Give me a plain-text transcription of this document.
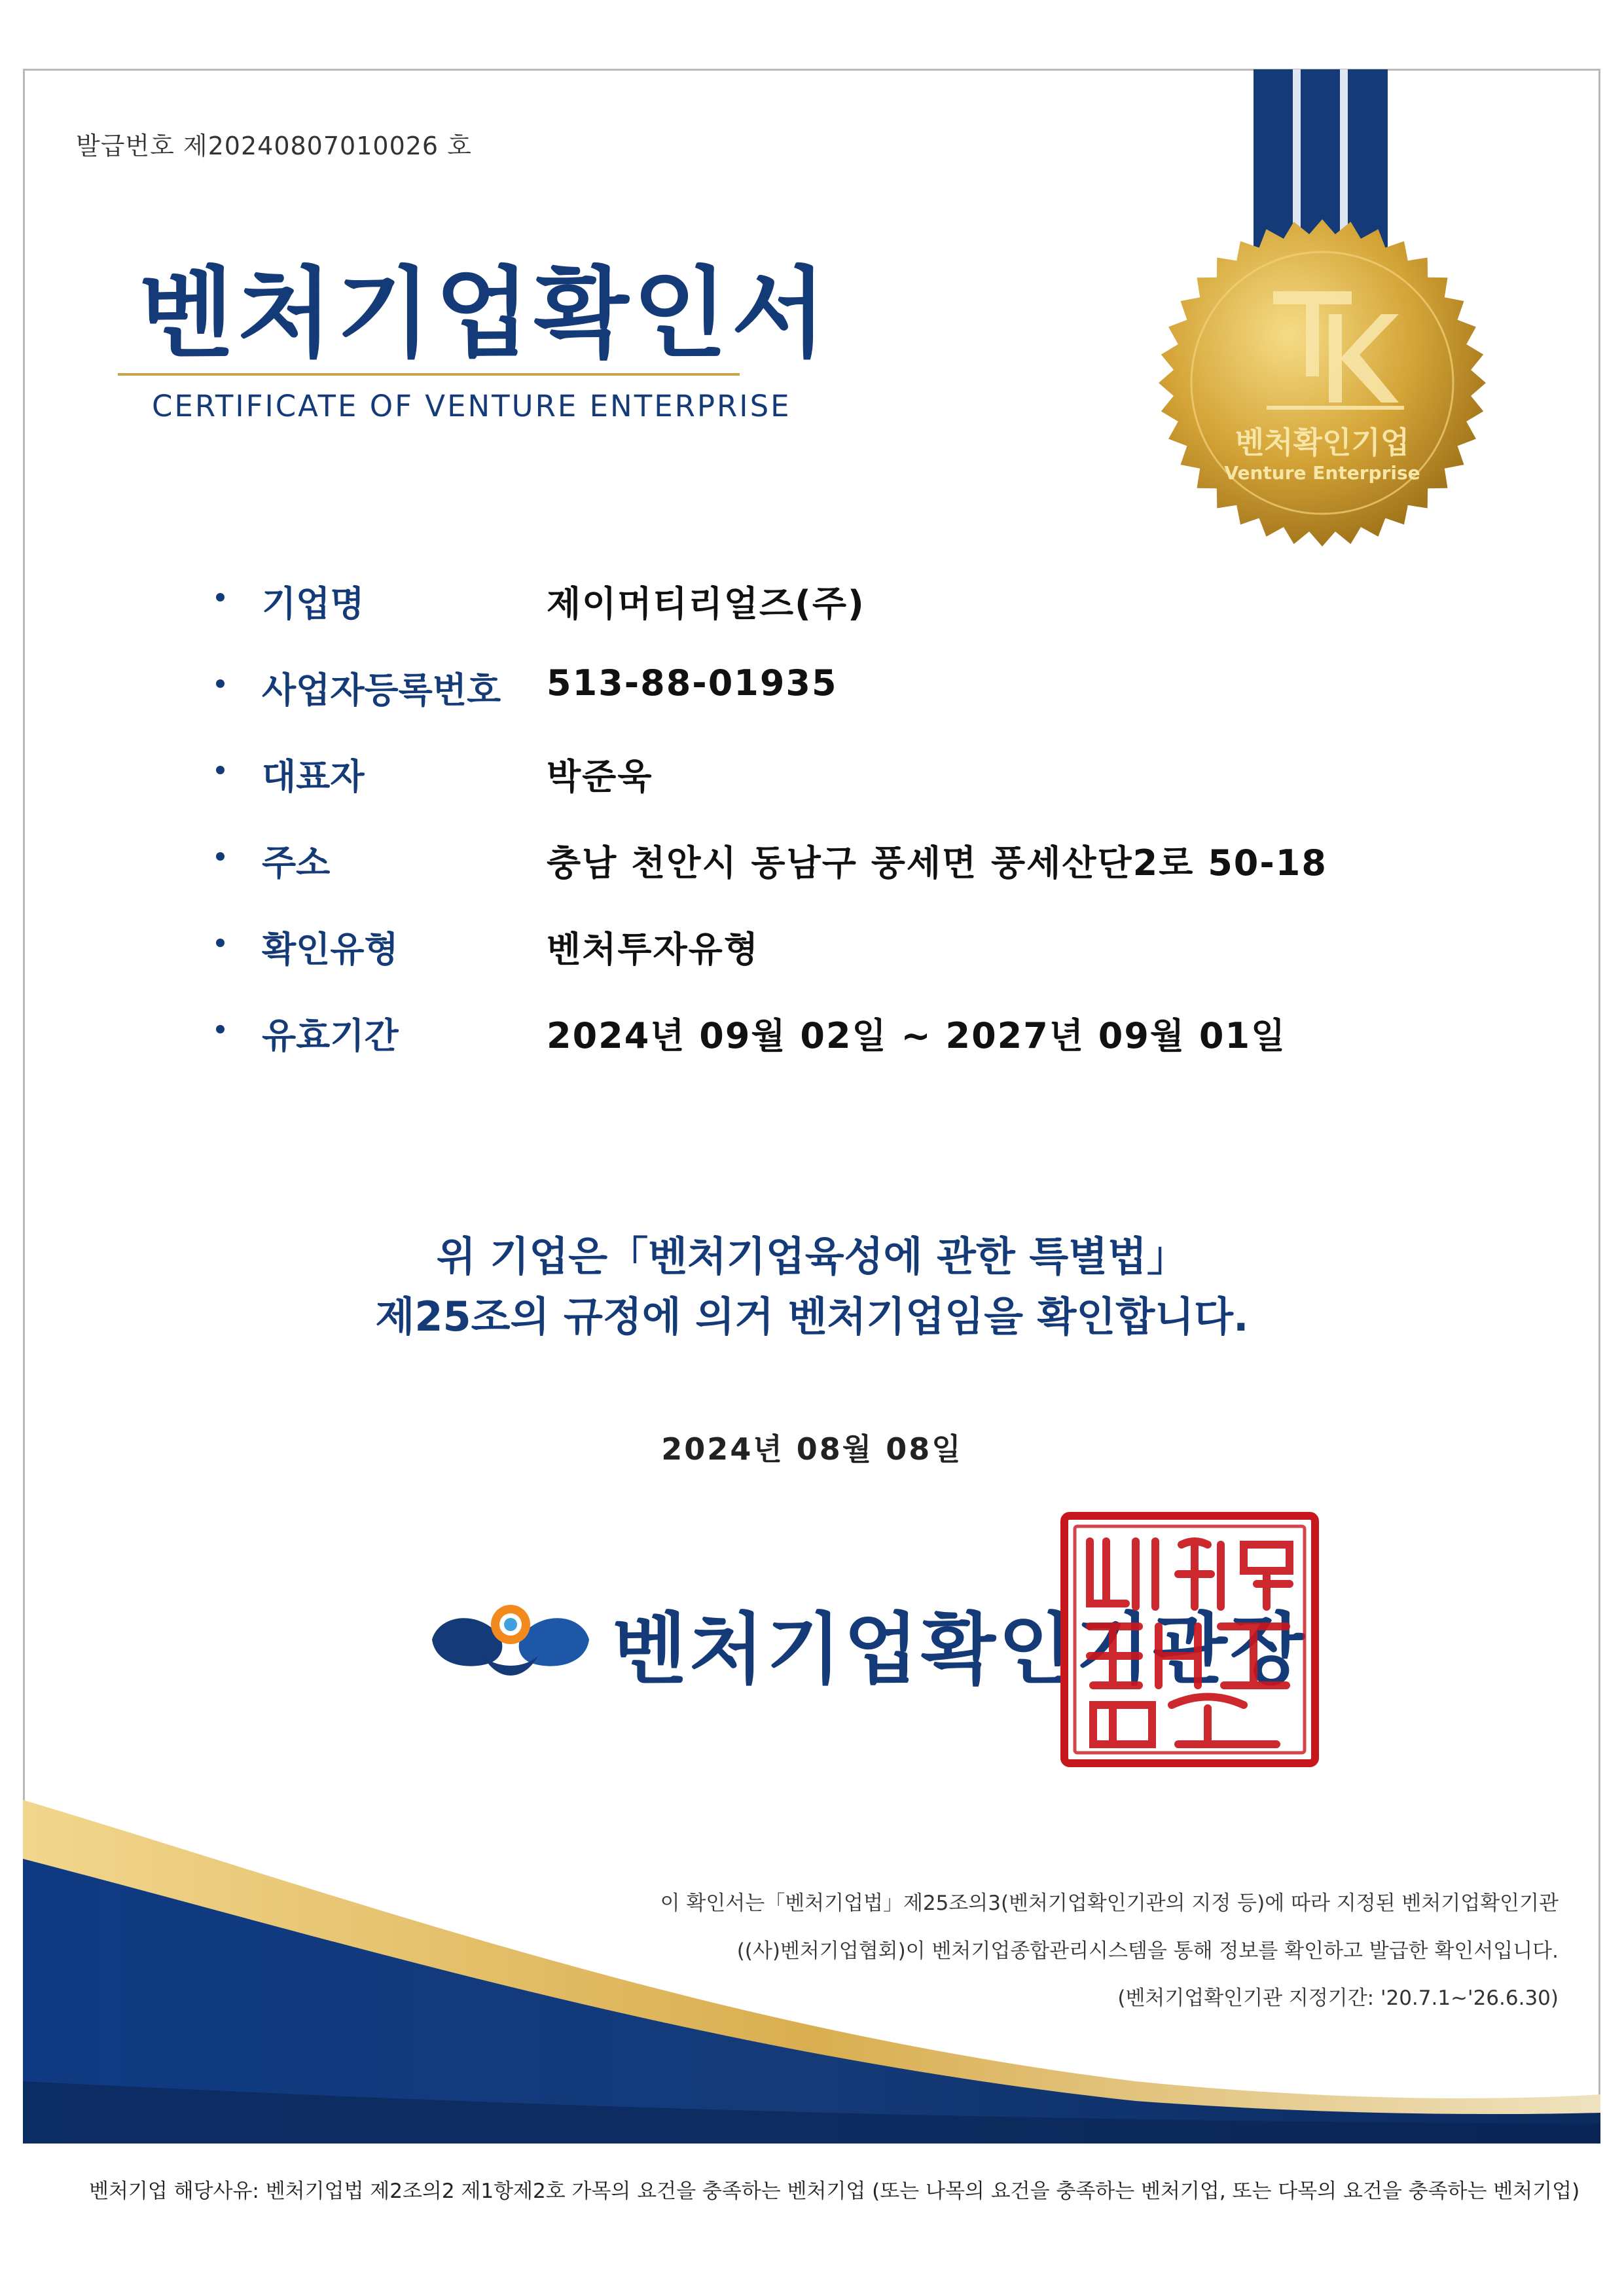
발급번호 제20240807010026 호
벤처기업확인서
CERTIFICATE OF VENTURE ENTERPRISE
벤처확인기업
Venture Enterprise
기업명	제이머티리얼즈(주)
사업자등록번호 513-88-01935
대표자	박준욱
주소	충남 천안시 동남구 풍세면 풍세산단2로 50-18
확인유형	벤처투자유형
유효기간	2024년 09월 02일 ~ 2027년 09월 01일
위 기업은「벤처기업육성에 관한 특별법」
제25조의 규정에 의거 벤처기업임을 확인합니다.
2024년 08월 08일
벤처기업확인기관장
이 확인서는「벤처기업법」제25조의3(벤처기업확인기관의 지정 등)에 따라 지정된 벤처기업확인기관
((사)벤처기업협회)이 벤처기업종합관리시스템을 통해 정보를 확인하고 발급한 확인서입니다.
(벤처기업확인기관 지정기간: '20.7.1~'26.6.30)
벤처기업 해당사유: 벤처기업법 제2조의2 제1항제2호 가목의 요건을 충족하는 벤처기업 (또는 나목의 요건을 충족하는 벤처기업, 또는 다목의 요건을 충족하는 벤처기업)
